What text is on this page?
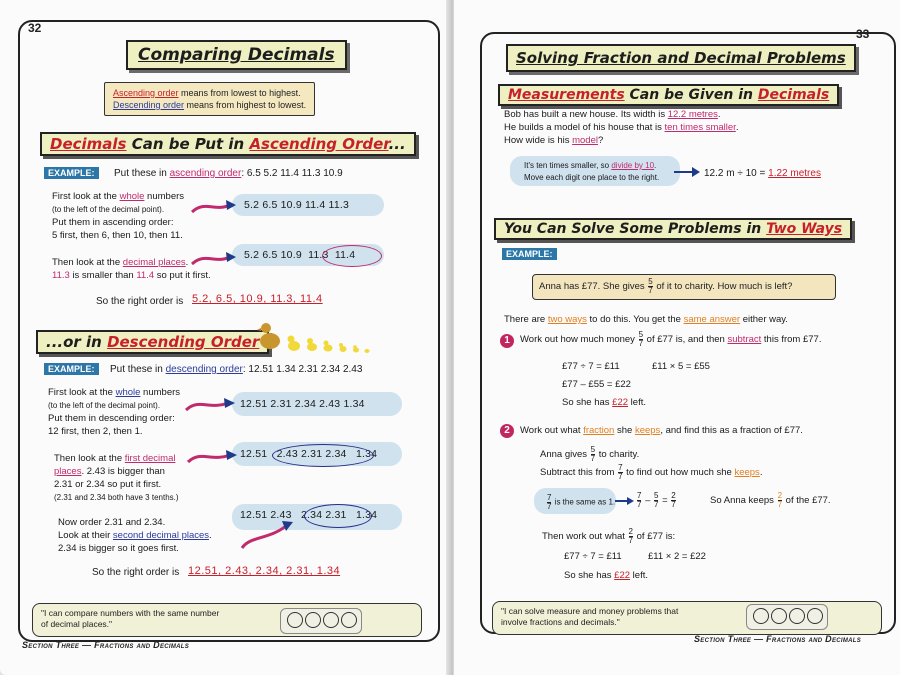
32
Comparing Decimals
Ascending order means from lowest to highest.
Descending order means from highest to lowest.
Decimals Can be Put in Ascending Order...
EXAMPLE:	Put these in ascending order: 6.5 5.2 11.4 11.3 10.9
First look at the whole numbers
(to the left of the decimal point).
Put them in ascending order:
5 first, then 6, then 10, then 11.
5.2 6.5 10.9 11.4 11.3
Then look at the decimal places.
11.3 is smaller than 11.4 so put it first.
5.2 6.5 10.9 11.3 11.4
So the right order is 5.2, 6.5, 10.9, 11.3, 11.4
...or in Descending Order
EXAMPLE:	Put these in descending order: 12.51 1.34 2.31 2.34 2.43
First look at the whole numbers
(to the left of the decimal point).
Put them in descending order:
12 first, then 2, then 1.
12.51 2.31 2.34 2.43 1.34
Then look at the first decimal
places. 2.43 is bigger than
2.31 or 2.34 so put it first.
(2.31 and 2.34 both have 3 tenths.)
12.51 2.43 2.31 2.34 1.34
Now order 2.31 and 2.34.
Look at their second decimal places.
2.34 is bigger so it goes first.
12.51 2.43 2.34 2.31 1.34
So the right order is 12.51, 2.43, 2.34, 2.31, 1.34
"I can compare numbers with the same number
of decimal places."
Section Three — Fractions and Decimals
33
Solving Fraction and Decimal Problems
Measurements Can be Given in Decimals
Bob has built a new house. Its width is 12.2 metres.
He builds a model of his house that is ten times smaller.
How wide is his model?
It's ten times smaller, so divide by 10.
Move each digit one place to the right.	12.2 m ÷ 10 = 1.22 metres
You Can Solve Some Problems in Two Ways
EXAMPLE:
Anna has £77. She gives $\frac{5}{7}$ of it to charity. How much is left?
There are two ways to do this. You get the same answer either way.
1	Work out how much money $\frac{5}{7}$ of £77 is, and then subtract this from £77.
£77 ÷ 7 = £11	£11 × 5 = £55
£77 – £55 = £22
So she has £22 left.
2	Work out what fraction she keeps, and find this as a fraction of £77.
Anna gives $\frac{5}{7}$ to charity.
Subtract this from $\frac{7}{7}$ to find out how much she keeps.
$\frac{7}{7}$ is the same as 1.	$\frac{7}{7} - \frac{5}{7} = \frac{2}{7}$	So Anna keeps $\frac{2}{7}$ of the £77.
Then work out what $\frac{2}{7}$ of £77 is:
£77 ÷ 7 = £11	£11 × 2 = £22
So she has £22 left.
"I can solve measure and money problems that
involve fractions and decimals."
Section Three — Fractions and Decimals
